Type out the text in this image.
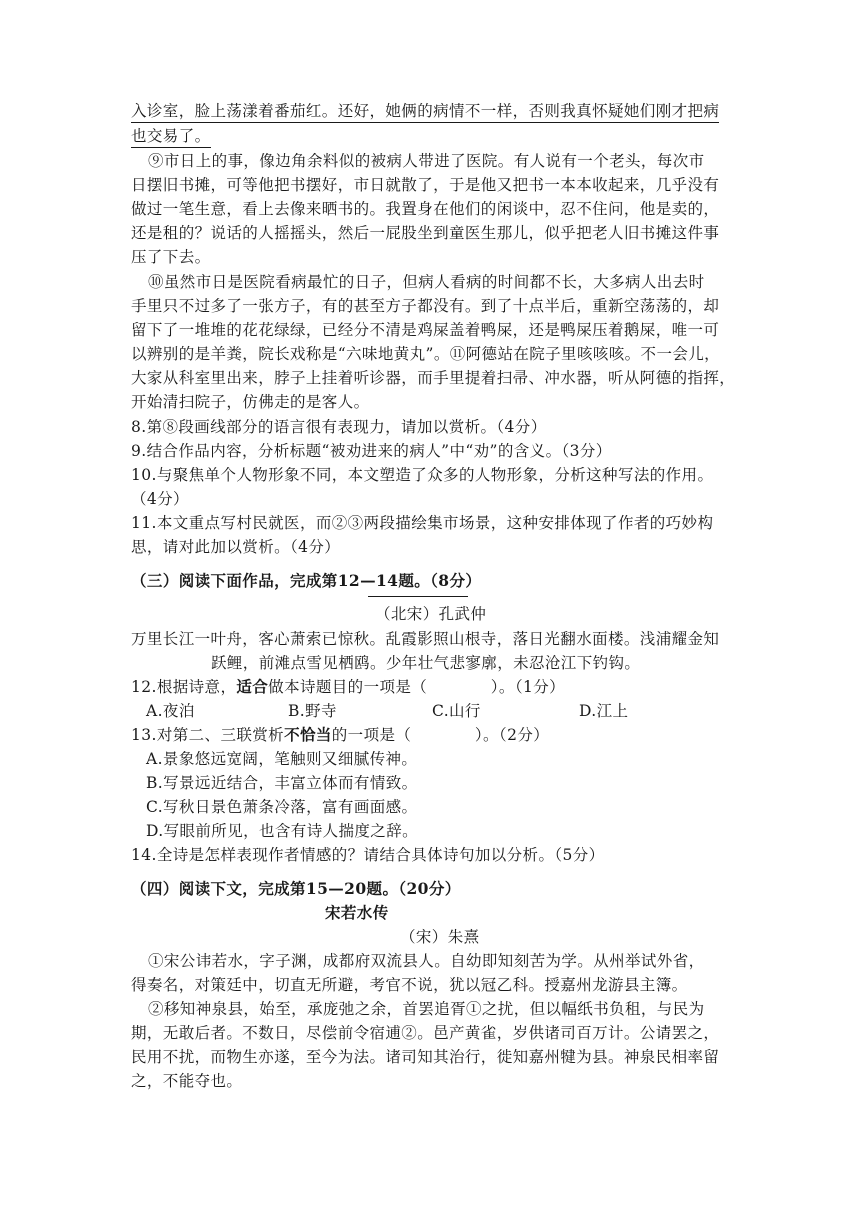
入诊室，脸上荡漾着番茄红。还好，她俩的病情不一样，否则我真怀疑她们刚才把病
也交易了。
⑨市日上的事，像边角余料似的被病人带进了医院。有人说有一个老头，每次市
日摆旧书摊，可等他把书摆好，市日就散了，于是他又把书一本本收起来，几乎没有
做过一笔生意，看上去像来晒书的。我置身在他们的闲谈中，忍不住问，他是卖的，
还是租的？说话的人摇摇头，然后一屁股坐到童医生那儿，似乎把老人旧书摊这件事
压了下去。
⑩虽然市日是医院看病最忙的日子，但病人看病的时间都不长，大多病人出去时
手里只不过多了一张方子，有的甚至方子都没有。到了十点半后，重新空荡荡的，却
留下了一堆堆的花花绿绿，已经分不清是鸡屎盖着鸭屎，还是鸭屎压着鹅屎，唯一可
以辨别的是羊粪，院长戏称是“六味地黄丸”。⑪阿德站在院子里咳咳咳。不一会儿，
大家从科室里出来，脖子上挂着听诊器，而手里提着扫帚、冲水器，听从阿德的指挥，
开始清扫院子，仿佛走的是客人。
8.第⑧段画线部分的语言很有表现力，请加以赏析。（4分）
9.结合作品内容，分析标题“被劝进来的病人”中“劝”的含义。（3分）
10.与聚焦单个人物形象不同，本文塑造了众多的人物形象，分析这种写法的作用。
（4分）
11.本文重点写村民就医，而②③两段描绘集市场景，这种安排体现了作者的巧妙构
思，请对此加以赏析。（4分）
（三）阅读下面作品，完成第12—14题。（8分）
（北宋）孔武仲
万里长江一叶舟，客心萧索已惊秋。乱霞影照山根寺，落日光翻水面楼。浅浦耀金知
跃鲤，前滩点雪见栖鸥。少年壮气悲寥廓，未忍沧江下钓钩。
12.根据诗意，适合做本诗题目的一项是（　　　　）。（1分）
A.夜泊	B.野寺	C.山行	D.江上
13.对第二、三联赏析不恰当的一项是（　　　　）。（2分）
A.景象悠远宽阔，笔触则又细腻传神。
B.写景远近结合，丰富立体而有情致。
C.写秋日景色萧条冷落，富有画面感。
D.写眼前所见，也含有诗人揣度之辞。
14.全诗是怎样表现作者情感的？请结合具体诗句加以分析。（5分）
（四）阅读下文，完成第15—20题。（20分）
宋若水传
（宋）朱熹
①宋公讳若水，字子渊，成都府双流县人。自幼即知刻苦为学。从州举试外省，
得奏名，对策廷中，切直无所避，考官不说，犹以冠乙科。授嘉州龙游县主簿。
②移知神泉县，始至，承庞弛之余，首罢追胥①之扰，但以幅纸书负租，与民为
期，无敢后者。不数日，尽偿前令宿逋②。邑产黄雀，岁供诸司百万计。公请罢之，
民用不扰，而物生亦遂，至今为法。诸司知其治行，徙知嘉州犍为县。神泉民相率留
之，不能夺也。
